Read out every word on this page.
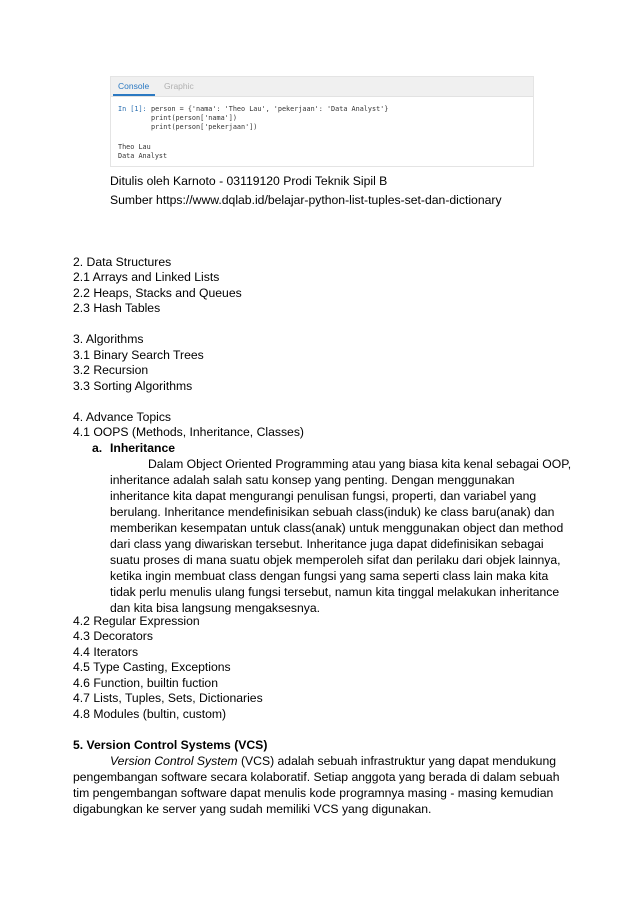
Console Graphic
In [1]: person = {'nama': 'Theo Lau', 'pekerjaan': 'Data Analyst'}
print(person['nama'])
print(person['pekerjaan'])
Theo Lau
Data Analyst
Ditulis oleh Karnoto - 03119120 Prodi Teknik Sipil B
Sumber https://www.dqlab.id/belajar-python-list-tuples-set-dan-dictionary
2. Data Structures
2.1 Arrays and Linked Lists
2.2 Heaps, Stacks and Queues
2.3 Hash Tables
3. Algorithms
3.1 Binary Search Trees
3.2 Recursion
3.3 Sorting Algorithms
4. Advance Topics
4.1 OOPS (Methods, Inheritance, Classes)
a. Inheritance
Dalam Object Oriented Programming atau yang biasa kita kenal sebagai OOP,
inheritance adalah salah satu konsep yang penting. Dengan menggunakan
inheritance kita dapat mengurangi penulisan fungsi, properti, dan variabel yang
berulang. Inheritance mendefinisikan sebuah class(induk) ke class baru(anak) dan
memberikan kesempatan untuk class(anak) untuk menggunakan object dan method
dari class yang diwariskan tersebut. Inheritance juga dapat didefinisikan sebagai
suatu proses di mana suatu objek memperoleh sifat dan perilaku dari objek lainnya,
ketika ingin membuat class dengan fungsi yang sama seperti class lain maka kita
tidak perlu menulis ulang fungsi tersebut, namun kita tinggal melakukan inheritance
dan kita bisa langsung mengaksesnya.
4.2 Regular Expression
4.3 Decorators
4.4 Iterators
4.5 Type Casting, Exceptions
4.6 Function, builtin fuction
4.7 Lists, Tuples, Sets, Dictionaries
4.8 Modules (bultin, custom)
5. Version Control Systems (VCS)
Version Control System (VCS) adalah sebuah infrastruktur yang dapat mendukung
pengembangan software secara kolaboratif. Setiap anggota yang berada di dalam sebuah
tim pengembangan software dapat menulis kode programnya masing - masing kemudian
digabungkan ke server yang sudah memiliki VCS yang digunakan.
